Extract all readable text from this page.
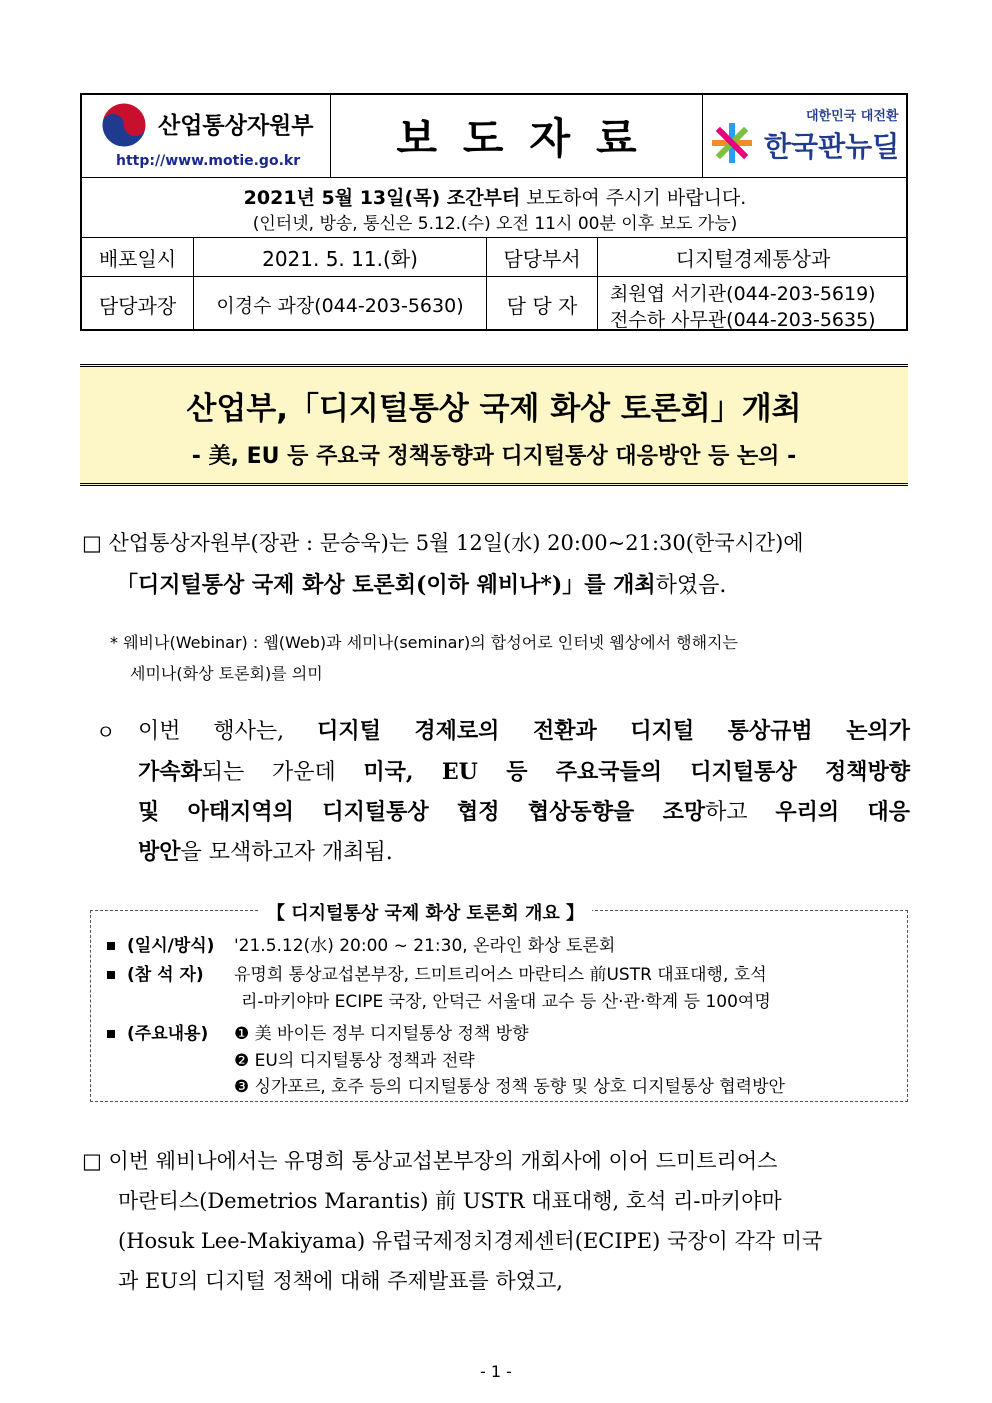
산업통상자원부
http://www.motie.go.kr	보도자료	대한민국 대전환
한국판뉴딜
2021년 5월 13일(목) 조간부터 보도하여 주시기 바랍니다.
(인터넷, 방송, 통신은 5.12.(수) 오전 11시 00분 이후 보도 가능)
배포일시	2021. 5. 11.(화)	담당부서	디지털경제통상과
담당과장	이경수 과장(044-203-5630)	담 당 자	최원엽 서기관(044-203-5619)
전수하 사무관(044-203-5635)
산업부,「디지털통상 국제 화상 토론회」개최
- 美, EU 등 주요국 정책동향과 디지털통상 대응방안 등 논의 -
□ 산업통상자원부(장관 : 문승욱)는 5월 12일(水) 20:00~21:30(한국시간)에
「디지털통상 국제 화상 토론회(이하 웨비나*)」를 개최하였음.
* 웨비나(Webinar) : 웹(Web)과 세미나(seminar)의 합성어로 인터넷 웹상에서 행해지는
세미나(화상 토론회)를 의미
ㅇ 이번 행사는, 디지털 경제로의 전환과 디지털 통상규범 논의가
가속화되는 가운데 미국, EU 등 주요국들의 디지털통상 정책방향
및 아태지역의 디지털통상 협정 협상동향을 조망하고 우리의 대응
방안을 모색하고자 개최됨.
【 디지털통상 국제 화상 토론회 개요 】
(일시/방식) '21.5.12(水) 20:00 ~ 21:30, 온라인 화상 토론회
(참 석 자) 유명희 통상교섭본부장, 드미트리어스 마란티스 前USTR 대표대행, 호석
리-마키야마 ECIPE 국장, 안덕근 서울대 교수 등 산·관·학계 등 100여명
(주요내용) ❶ 美 바이든 정부 디지털통상 정책 방향
❷ EU의 디지털통상 정책과 전략
❸ 싱가포르, 호주 등의 디지털통상 정책 동향 및 상호 디지털통상 협력방안
□ 이번 웨비나에서는 유명희 통상교섭본부장의 개회사에 이어 드미트리어스
마란티스(Demetrios Marantis) 前 USTR 대표대행, 호석 리-마키야마
(Hosuk Lee-Makiyama) 유럽국제정치경제센터(ECIPE) 국장이 각각 미국
과 EU의 디지털 정책에 대해 주제발표를 하였고,
- 1 -
